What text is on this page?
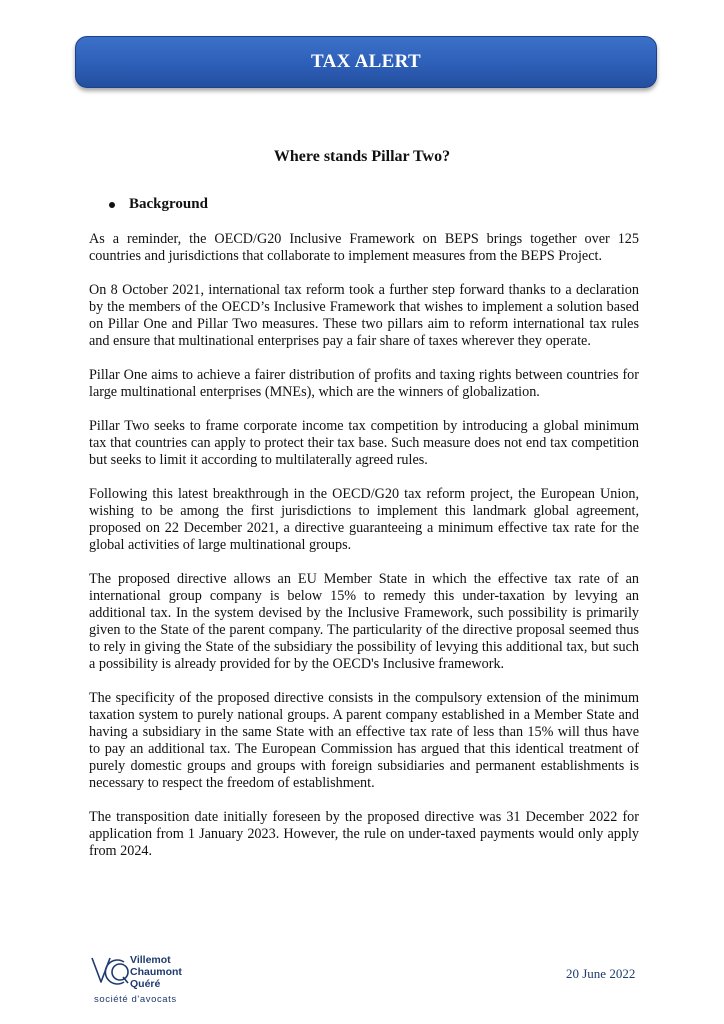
TAX ALERT
Where stands Pillar Two?
Background

As a reminder, the OECD/G20 Inclusive Framework on BEPS brings together over 125 countries and jurisdictions that collaborate to implement measures from the BEPS Project.

On 8 October 2021, international tax reform took a further step forward thanks to a declaration by the members of the OECD’s Inclusive Framework that wishes to implement a solution based on Pillar One and Pillar Two measures. These two pillars aim to reform international tax rules and ensure that multinational enterprises pay a fair share of taxes wherever they operate.

Pillar One aims to achieve a fairer distribution of profits and taxing rights between countries for large multinational enterprises (MNEs), which are the winners of globalization.

Pillar Two seeks to frame corporate income tax competition by introducing a global minimum tax that countries can apply to protect their tax base. Such measure does not end tax competition but seeks to limit it according to multilaterally agreed rules.

Following this latest breakthrough in the OECD/G20 tax reform project, the European Union, wishing to be among the first jurisdictions to implement this landmark global agreement, proposed on 22 December 2021, a directive guaranteeing a minimum effective tax rate for the global activities of large multinational groups.

The proposed directive allows an EU Member State in which the effective tax rate of an international group company is below 15% to remedy this under-taxation by levying an additional tax. In the system devised by the Inclusive Framework, such possibility is primarily given to the State of the parent company. The particularity of the directive proposal seemed thus to rely in giving the State of the subsidiary the possibility of levying this additional tax, but such a possibility is already provided for by the OECD's Inclusive framework.

The specificity of the proposed directive consists in the compulsory extension of the minimum taxation system to purely national groups. A parent company established in a Member State and having a subsidiary in the same State with an effective tax rate of less than 15% will thus have to pay an additional tax. The European Commission has argued that this identical treatment of purely domestic groups and groups with foreign subsidiaries and permanent establishments is necessary to respect the freedom of establishment.

The transposition date initially foreseen by the proposed directive was 31 December 2022 for application from 1 January 2023. However, the rule on under-taxed payments would only apply from 2024.

Villemot
Chaumont
Quéré
société d'avocats
20 June 2022
